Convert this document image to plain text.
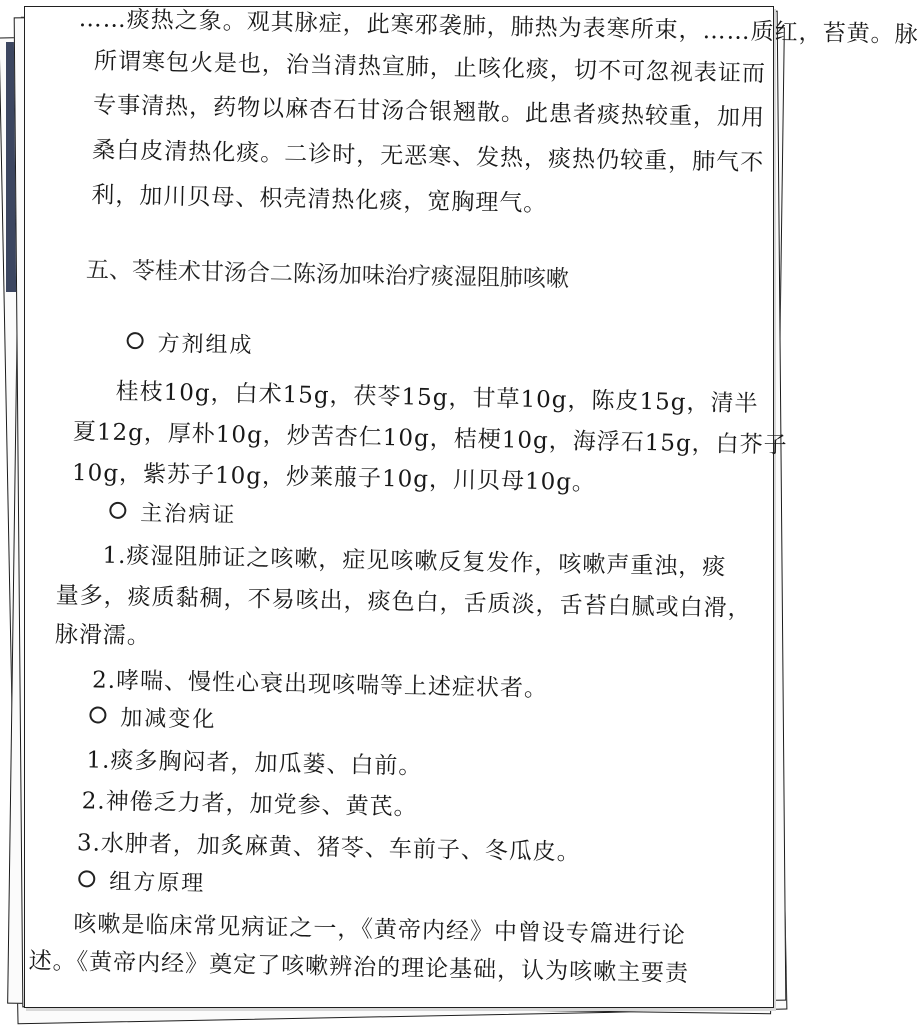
……痰热之象。观其脉症，此寒邪袭肺，肺热为表寒所束，……质红，苔黄。脉
所谓寒包火是也，治当清热宣肺，止咳化痰，切不可忽视表证而
专事清热，药物以麻杏石甘汤合银翘散。此患者痰热较重，加用
桑白皮清热化痰。二诊时，无恶寒、发热，痰热仍较重，肺气不
利，加川贝母、枳壳清热化痰，宽胸理气。
五、苓桂术甘汤合二陈汤加味治疗痰湿阻肺咳嗽
方剂组成
桂枝10g，白术15g，茯苓15g，甘草10g，陈皮15g，清半
夏12g，厚朴10g，炒苦杏仁10g，桔梗10g，海浮石15g，白芥子
10g，紫苏子10g，炒莱菔子10g，川贝母10g。
主治病证
1.痰湿阻肺证之咳嗽，症见咳嗽反复发作，咳嗽声重浊，痰
量多，痰质黏稠，不易咳出，痰色白，舌质淡，舌苔白腻或白滑，
脉滑濡。
2.哮喘、慢性心衰出现咳喘等上述症状者。
加减变化
1.痰多胸闷者，加瓜蒌、白前。
2.神倦乏力者，加党参、黄芪。
3.水肿者，加炙麻黄、猪苓、车前子、冬瓜皮。
组方原理
咳嗽是临床常见病证之一，《黄帝内经》中曾设专篇进行论
述。《黄帝内经》奠定了咳嗽辨治的理论基础，认为咳嗽主要责
